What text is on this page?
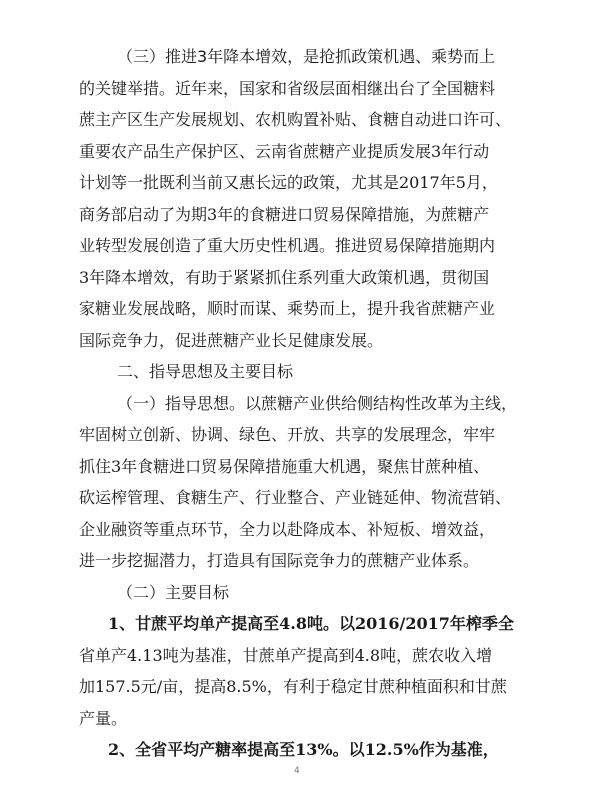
（三）推进3年降本增效，是抢抓政策机遇、乘势而上

的关键举措。近年来，国家和省级层面相继出台了全国糖料

蔗主产区生产发展规划、农机购置补贴、食糖自动进口许可、

重要农产品生产保护区、云南省蔗糖产业提质发展3年行动

计划等一批既利当前又惠长远的政策，尤其是2017年5月，

商务部启动了为期3年的食糖进口贸易保障措施，为蔗糖产

业转型发展创造了重大历史性机遇。推进贸易保障措施期内

3年降本增效，有助于紧紧抓住系列重大政策机遇，贯彻国

家糖业发展战略，顺时而谋、乘势而上，提升我省蔗糖产业

国际竞争力，促进蔗糖产业长足健康发展。

二、指导思想及主要目标

（一）指导思想。以蔗糖产业供给侧结构性改革为主线，

牢固树立创新、协调、绿色、开放、共享的发展理念，牢牢

抓住3年食糖进口贸易保障措施重大机遇，聚焦甘蔗种植、

砍运榨管理、食糖生产、行业整合、产业链延伸、物流营销、

企业融资等重点环节，全力以赴降成本、补短板、增效益，

进一步挖掘潜力，打造具有国际竞争力的蔗糖产业体系。

（二）主要目标

1、甘蔗平均单产提高至4.8吨。以2016/2017年榨季全

省单产4.13吨为基准，甘蔗单产提高到4.8吨，蔗农收入增

加157.5元/亩，提高8.5%，有利于稳定甘蔗种植面积和甘蔗

产量。

2、全省平均产糖率提高至13%。以12.5%作为基准，

4
